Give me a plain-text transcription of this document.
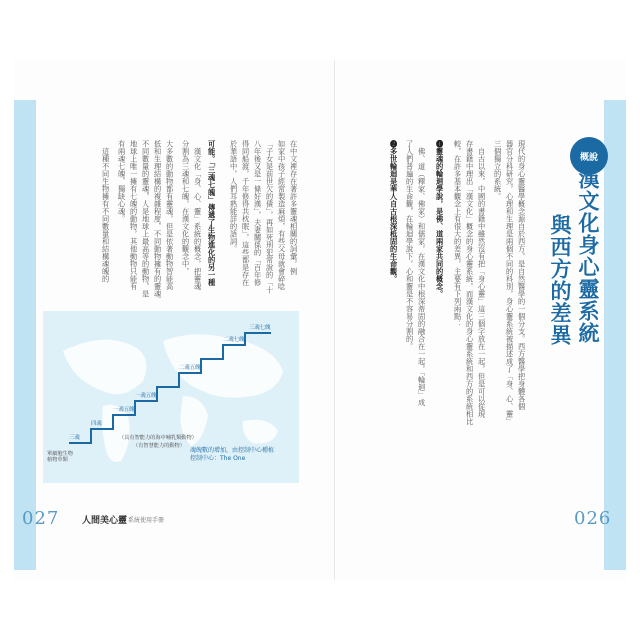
概說
漢文化身心靈系統
與西方的差異
現代的身心靈醫學概念源自於西方，是自然醫學的一個分支。西方醫學把身體各個
器官分科研究，心理和生理是兩個不同的科別，身心靈系統被描述成了「身、心、靈」
三個獨立的系統。
　自古以來，中國的書籍中雖然沒有把「身心靈」這三個字放在一起，但是可以從現
存書籍中理出「漢文化」概念的身心靈系統，而漢文化的身心靈系統和西方的系統相比
較，在許多基本觀念上有很大的差異，主要有下列兩點：
❶靈魂的輪迴學說，是佛、道兩家共同的概念。
　佛、道（釋家、佛家）和儒家，在漢文化中根深蒂固的融合在一起，「輪迴」成
了人們普遍的生命觀，在輪迴學說下，心和靈是不容易分割的。
❷多世輪迴是華人自古根深柢固的生命觀。
026
在中文裡存在著許多靈魂相關的詞彙，例
如家中孩子經常製造麻煩，有些父母就會碎唸
「子女是前世欠的債」，再如死刑犯常說的「十
八年後又是一條好漢」，夫妻關係的「百年修
得同船渡，千年修得共枕眠」，這些都是存在
於華語中，人們耳熟能詳的語詞。
可能。「三魂七魄」傳遞了生物進化的另一種
　漢文化「身、心、靈」系統的概念，把靈魂
分割為三魂和七魄，在漢文化的觀念中，
大多數的動物都有靈魂，但是依著動物智能高
低和生理結構的複雜程度，不同動物擁有的靈魂
不同數量的靈魂，人是地球上最高等的動物，是
地球上唯一擁有七魄的動物，其他動物只能有
有兩魂七魄、獨缺心魂。
　這種不同生物擁有不同數量和結構魂魄的
三魂
四魂
一魂五魄
一魂五魄
二魂五魄
二魂七魄
三魂七魄
單細胞生物
植物草類
（具有智能力的海中哺乳類動物）
（有智慧能力的動物）
魂魄數的增加，由控制中心種植
控制中心：The One
027	人間美心靈 系統使用手冊
